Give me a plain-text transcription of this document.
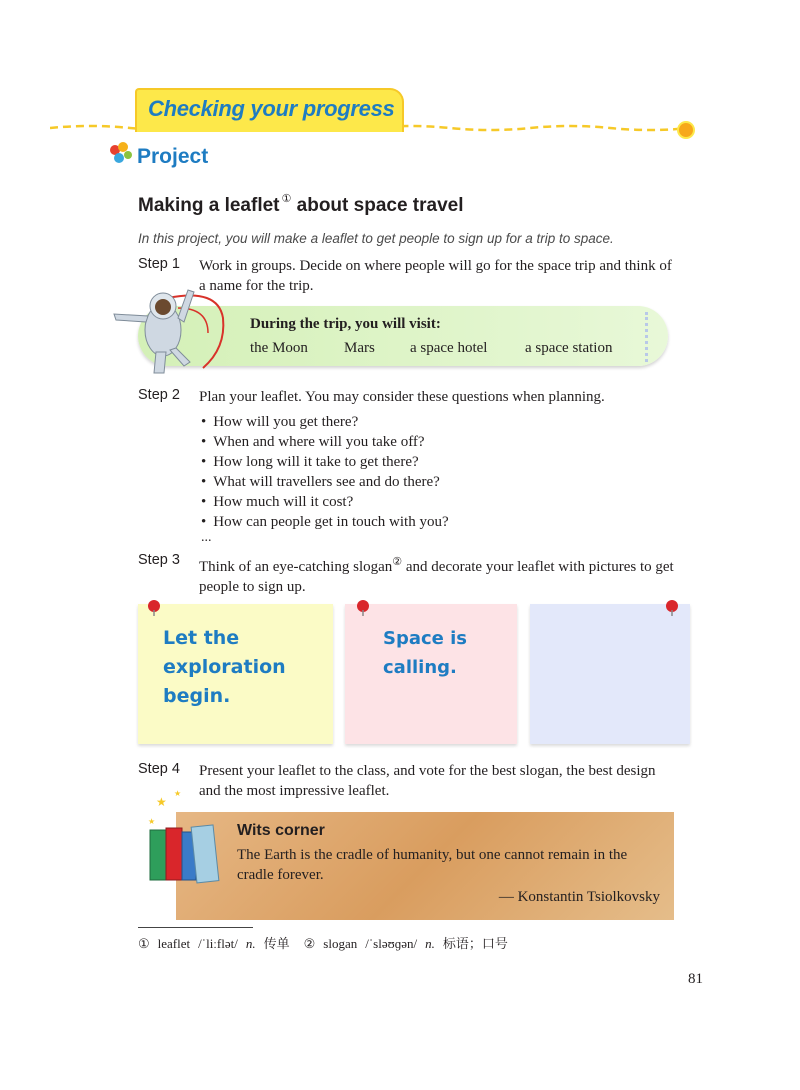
Checking your progress
Project
Making a leaflet ① about space travel
In this project, you will make a leaflet to get people to sign up for a trip to space.
Step 1 Work in groups. Decide on where people will go for the space trip and think of a name for the trip.
During the trip, you will visit:
the Moon Mars a space hotel	a space station
Step 2 Plan your leaflet. You may consider these questions when planning.
• How will you get there?
• When and where will you take off?
• How long will it take to get there?
• What will travellers see and do there?
• How much will it cost?
• How can people get in touch with you?
...
Step 3 Think of an eye-catching slogan② and decorate your leaflet with pictures to get people to sign up.
Let the
exploration
begin.
Space is
calling.
Step 4 Present your leaflet to the class, and vote for the best slogan, the best design and the most impressive leaflet.
★
★
★
Wits corner
The Earth is the cradle of humanity, but one cannot remain in the cradle forever.
— Konstantin Tsiolkovsky
① leaflet /ˈliːflət/ n. 传单 ② slogan /ˈsləʊɡən/ n. 标语；口号
81
